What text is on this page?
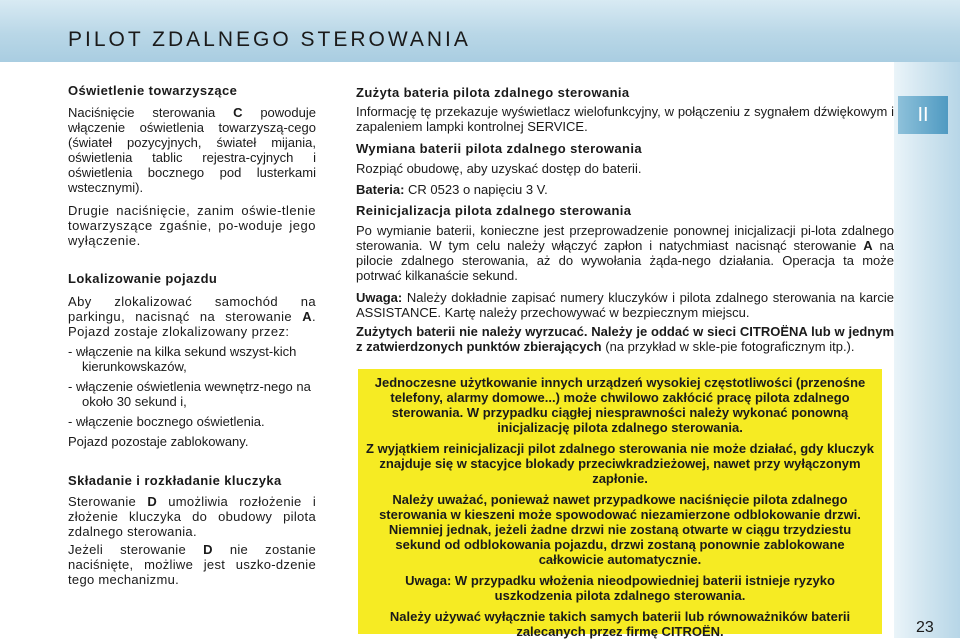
PILOT ZDALNEGO STEROWANIA
II
23
Oświetlenie towarzyszące

Naciśnięcie sterowania C powoduje włączenie oświetlenia towarzyszą-cego (świateł pozycyjnych, świateł mijania, oświetlenia tablic rejestra-cyjnych i oświetlenia bocznego pod lusterkami wstecznymi).

Drugie naciśnięcie, zanim oświe-tlenie towarzyszące zgaśnie, po-woduje jego wyłączenie.

Lokalizowanie pojazdu

Aby zlokalizować samochód na parkingu, nacisnąć na sterowanie A. Pojazd zostaje zlokalizowany przez:

- włączenie na kilka sekund wszyst-kich kierunkowskazów,
- włączenie oświetlenia wewnętrz-nego na około 30 sekund i,
- włączenie bocznego oświetlenia.

Pojazd pozostaje zablokowany.

Składanie i rozkładanie kluczyka

Sterowanie D umożliwia rozłożenie i złożenie kluczyka do obudowy pilota zdalnego sterowania.

Jeżeli sterowanie D nie zostanie naciśnięte, możliwe jest uszko-dzenie tego mechanizmu.

Zużyta bateria pilota zdalnego sterowania

Informację tę przekazuje wyświetlacz wielofunkcyjny, w połączeniu z sygnałem dźwiękowym i zapaleniem lampki kontrolnej SERVICE.

Wymiana baterii pilota zdalnego sterowania

Rozpiąć obudowę, aby uzyskać dostęp do baterii.

Bateria: CR 0523 o napięciu 3 V.

Reinicjalizacja pilota zdalnego sterowania

Po wymianie baterii, konieczne jest przeprowadzenie ponownej inicjalizacji pi-lota zdalnego sterowania. W tym celu należy włączyć zapłon i natychmiast nacisnąć sterowanie A na pilocie zdalnego sterowania, aż do wywołania żąda-nego działania. Operacja ta może potrwać kilkanaście sekund.

Uwaga: Należy dokładnie zapisać numery kluczyków i pilota zdalnego sterowania na karcie ASSISTANCE. Kartę należy przechowywać w bezpiecznym miejscu.

Zużytych baterii nie należy wyrzucać. Należy je oddać w sieci CITROËNA lub w jednym z zatwierdzonych punktów zbierających (na przykład w skle-pie fotograficznym itp.).

Jednoczesne użytkowanie innych urządzeń wysokiej częstotliwości (przenośne telefony, alarmy domowe...) może chwilowo zakłócić pracę pilota zdalnego sterowania. W przypadku ciągłej niesprawności należy wykonać ponowną inicjalizację pilota zdalnego sterowania.

Z wyjątkiem reinicjalizacji pilot zdalnego sterowania nie może działać, gdy kluczyk znajduje się w stacyjce blokady przeciwkradzieżowej, nawet przy wyłączonym zapłonie.

Należy uważać, ponieważ nawet przypadkowe naciśnięcie pilota zdalnego sterowania w kieszeni może spowodować niezamierzone odblokowanie drzwi. Niemniej jednak, jeżeli żadne drzwi nie zostaną otwarte w ciągu trzydziestu sekund od odblokowania pojazdu, drzwi zostaną ponownie zablokowane całkowicie automatycznie.

Uwaga: W przypadku włożenia nieodpowiedniej baterii istnieje ryzyko uszkodzenia pilota zdalnego sterowania.

Należy używać wyłącznie takich samych baterii lub równoważników baterii zalecanych przez firmę CITROËN.
